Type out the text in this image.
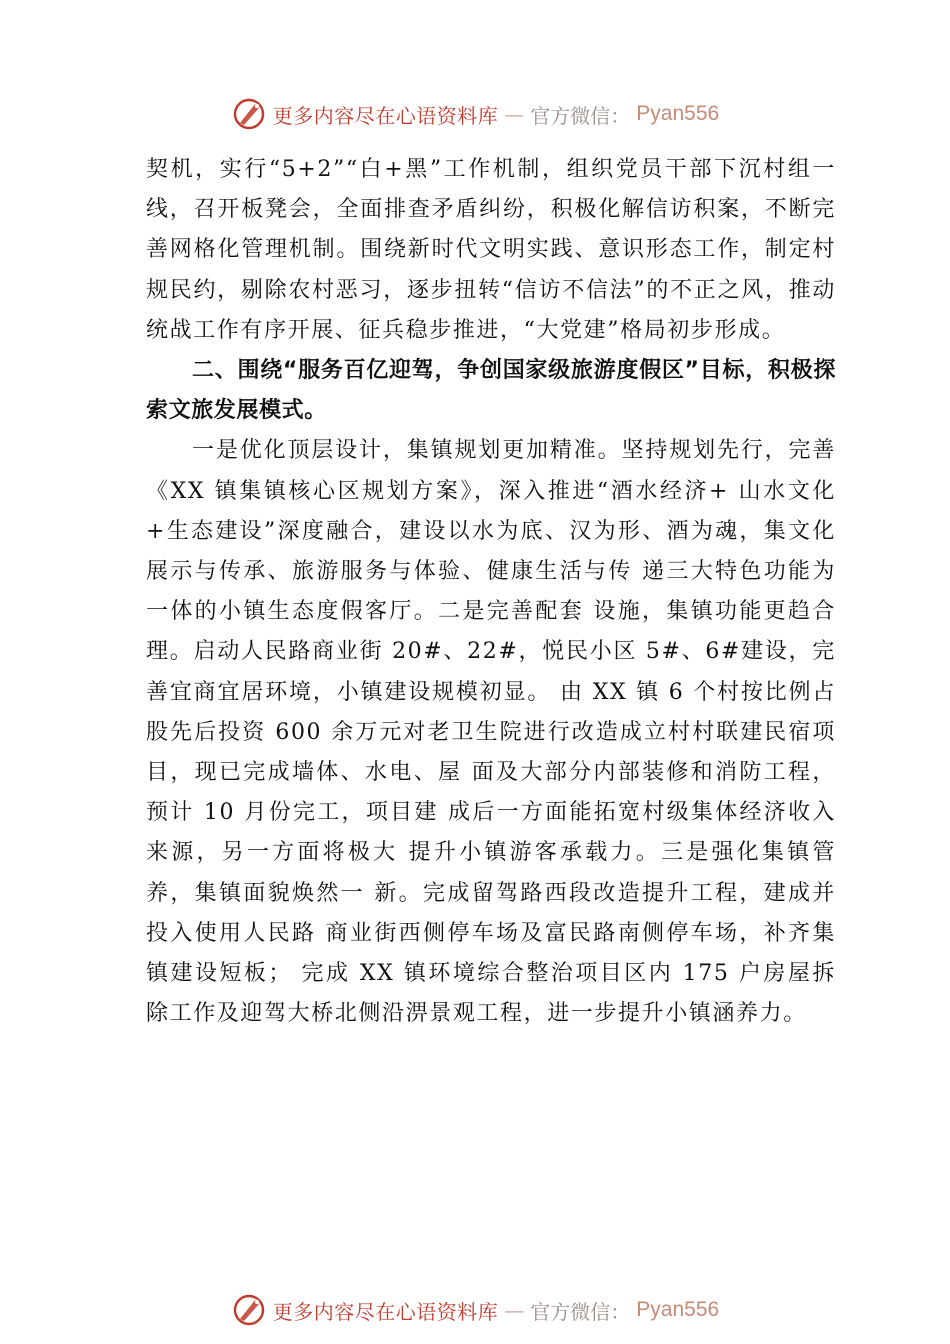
更多内容尽在心语资料库 — 官方微信： Pyan556

契机，实行“5+2”“白+黑”工作机制，组织党员干部下沉村组一线，召开板凳会，全面排查矛盾纠纷，积极化解信访积案，不断完善网格化管理机制。围绕新时代文明实践、意识形态工作，制定村规民约，剔除农村恶习，逐步扭转“信访不信法”的不正之风，推动统战工作有序开展、征兵稳步推进，“大党建”格局初步形成。

二、围绕“服务百亿迎驾，争创国家级旅游度假区”目标，积极探索文旅发展模式。

一是优化顶层设计，集镇规划更加精准。坚持规划先行，完善《XX 镇集镇核心区规划方案》，深入推进“酒水经济+ 山水文化+生态建设”深度融合，建设以水为底、汉为形、酒为魂，集文化展示与传承、旅游服务与体验、健康生活与传 递三大特色功能为一体的小镇生态度假客厅。二是完善配套 设施，集镇功能更趋合理。启动人民路商业街 20#、22#，悦民小区 5#、6#建设，完善宜商宜居环境，小镇建设规模初显。 由 XX 镇 6 个村按比例占股先后投资 600 余万元对老卫生院进行改造成立村村联建民宿项目，现已完成墙体、水电、屋 面及大部分内部装修和消防工程，预计 10 月份完工，项目建 成后一方面能拓宽村级集体经济收入来源，另一方面将极大 提升小镇游客承载力。三是强化集镇管养，集镇面貌焕然一 新。完成留驾路西段改造提升工程，建成并投入使用人民路 商业街西侧停车场及富民路南侧停车场，补齐集镇建设短板； 完成 XX 镇环境综合整治项目区内 175 户房屋拆除工作及迎驾大桥北侧沿淠景观工程，进一步提升小镇涵养力。

更多内容尽在心语资料库 — 官方微信： Pyan556
